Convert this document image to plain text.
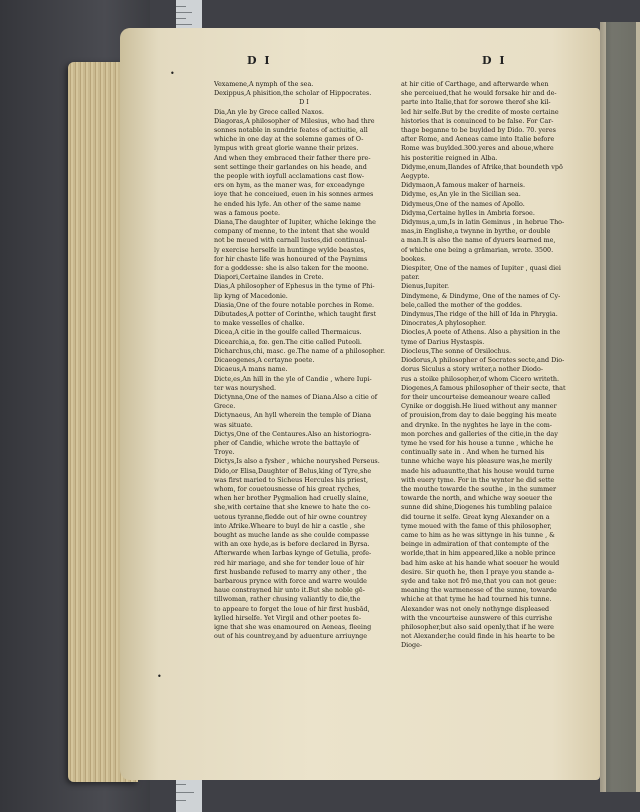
D I	D I
•
•

Vexamene,A nymph of the sea.

Dexippus,A phisition,the scholar of Hippocrates.

D I

Dia,An yle by Grece called Naxos.

Diagoras,A philosopher of Milesius, who had thre

sonnes notable in sundrie feates of actiuitie, all

whiche in one day at the solemne games of O-

lympus with great glorie wanne their prizes.

And when they embraced their father there pre-

sent settinge their garlandes on his heade, and

the people with ioyfull acclamations cast flow-

ers on hym, as the maner was, for exceadynge

ioye that he conceiued, euen in his sonnes armes

he ended his lyfe. An other of the same name

was a famous poete.

Diana,The daughter of Iupiter, whiche lekinge the

company of menne, to the intent that she would

not be meued with carnall lustes,did continual-

ly exercise herselfe in huntinge wylde beastes,

for hir chaste life was honoured of the Paynims

for a goddesse: she is also taken for the moone.

Diapori,Certaine ilandes in Crete.

Dias,A philosopher of Ephesus in the tyme of Phi-

lip kyng of Macedonie.

Diasia,One of the foure notable porches in Rome.

Dibutades,A potter of Corinthe, which taught first

to make vesselles of chalke.

Dicea,A citie in the goulfe called Thermaicus.

Dicearchia,a, fœ. gen.The citie called Puteoli.

Dicharchus,chi, masc. ge.The name of a philosopher.

Dicaeogenes,A certayne poete.

Dicaeus,A mans name.

Dicte,es,An hill in the yle of Candie , where Iupi-

ter was nouryshed.

Dictynna,One of the names of Diana.Also a citie of

Grece.

Dictynaeus, An hyll wherein the temple of Diana

was situate.

Dictys,One of the Centaures.Also an historiogra-

pher of Candie, whiche wrote the battayle of

Troye.

Dictys,Is also a fysher , whiche nouryshed Perseus.

Dido,or Elisa,Daughter of Belus,king of Tyre,she

was first maried to Sicheus Hercules his priest,

whom, for couetousnesse of his great ryches,

when her brother Pygmalion had cruelly slaine,

she,with certaine that she knewe to hate the co-

uetous tyranne,fledde out of hir owne countrey

into Afrike.Wheare to buyl de hir a castle , she

bought as muche lande as she coulde compasse

with an oxe hyde,as is before declared in Byrsa.

Afterwarde when Iarbas kynge of Getulia, profe-

red hir mariage, and she for tender loue of hir

first husbande refused to marry any other , the

barbarous prynce with force and warre woulde

haue constrayned hir unto it.But she noble gē-

tillwoman, rather chusing valiantly to die,the

to appeare to forget the loue of hir first husbād,

kylled hirselfe. Yet Virgil and other poetes fe-

igne that she was enamoured on Aeneas, fleeing

out of his countrey,and by aduenture arriuynge

at hir citie of Carthage, and afterwarde when

she perceiued,that he would forsake hir and de-

parte into Italie,that for sorowe therof she kil-

led hir selfe.But by the credite of moste certaine

histories that is conuinced to be false. For Car-

thage beganne to be buylded by Dido. 70. yeres

after Rome, and Aeneas came into Italie before

Rome was buylded.300.yeres and aboue,where

his posteritie reigned in Alba.

Didyme,enum,Ilandes of Afrike,that boundeth vpō

Aegypte.

Didymaon,A famous maker of harneis.

Didyme, es,An yle in the Sicilian sea.

Didymeus,One of the names of Apollo.

Didyma,Certaine hylles in Ambria forsoe.

Didymus,a,um,Is in latin Geminus , in hebrue Tho-

mas,in Englishe,a twynne in byrthe, or double

a man.It is also the name of dyuers learned me,

of whiche one being a grāmarian, wrote. 3500.

bookes.

Diespiter, One of the names of Iupiter , quasi diei

pater.

Dienus,Iupiter.

Dindymene, & Dindyme, One of the names of Cy-

bele,called the mother of the goddes.

Dindymus,The ridge of the hill of Ida in Phrygia.

Dinocrates,A phylosopher.

Diocles,A poete of Athens. Also a physition in the

tyme of Darius Hystaspis.

Diocleus,The sonne of Orsilochus.

Diodorus,A philosopher of Socrates secte,and Dio-

dorus Siculus a story writer,a nother Diodo-

rus a stoike philosopher,of whom Cicero writeth.

Diogenes,A famous philosopher of their secte, that

for their uncourteise demeanour weare called

Cynike or doggish.He liued without any manner

of prouision,from day to daie begging his meate

and drynke. In the nyghtes he laye in the com-

mon porches and galleries of the citie,in the day

tyme he vsed for his house a tunne , whiche he

continually sate in . And when he turned his

tunne whiche waye his pleasure was,he merily

made his aduauntte,that his house would turne

with euery tyme. For in the wynter he did sette

the mouthe towarde the southe , in the summer

towarde the north, and whiche way soeuer the

sunne did shine,Diogenes his tumbling palaice

did tourne it selfe. Great kyng Alexander on a

tyme moued with the fame of this philosopher,

came to him as he was sittynge in his tunne , &

beinge in admiration of that contempte of the

worlde,that in him appeared,like a noble prince

bad him aske at his hande what soeuer he would

desire. Sir quoth he, then I praye you stande a-

syde and take not frō me,that you can not geue:

meaning the warmenesse of the sunne, towarde

whiche at that tyme he had tourned his tunne.

Alexander was not onely nothynge displeased

with the vncourteise aunswere of this currishe

philosopher,but also said openly,that if he were

not Alexander,he could finde in his hearte to be

Dioge-
